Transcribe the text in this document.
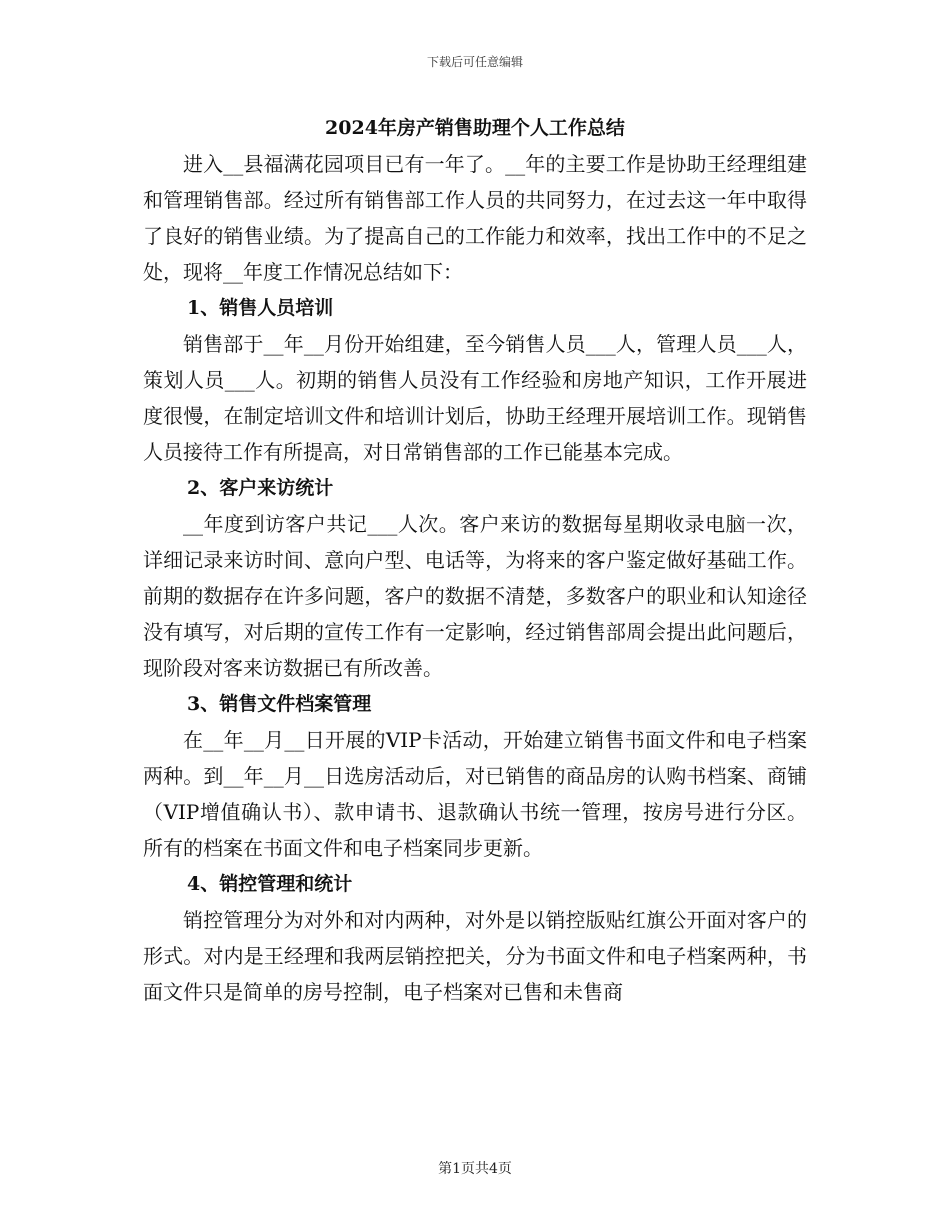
下载后可任意编辑
2024年房产销售助理个人工作总结

进入__县福满花园项目已有一年了。__年的主要工作是协助王经理组建和管理销售部。经过所有销售部工作人员的共同努力，在过去这一年中取得了良好的销售业绩。为了提高自己的工作能力和效率，找出工作中的不足之处，现将__年度工作情况总结如下：

1、销售人员培训

销售部于__年__月份开始组建，至今销售人员___人，管理人员___人，策划人员___人。初期的销售人员没有工作经验和房地产知识，工作开展进度很慢，在制定培训文件和培训计划后，协助王经理开展培训工作。现销售人员接待工作有所提高，对日常销售部的工作已能基本完成。

2、客户来访统计

__年度到访客户共记___人次。客户来访的数据每星期收录电脑一次，详细记录来访时间、意向户型、电话等，为将来的客户鉴定做好基础工作。前期的数据存在许多问题，客户的数据不清楚，多数客户的职业和认知途径没有填写，对后期的宣传工作有一定影响，经过销售部周会提出此问题后，现阶段对客来访数据已有所改善。

3、销售文件档案管理

在__年__月__日开展的VIP卡活动，开始建立销售书面文件和电子档案两种。到__年__月__日选房活动后，对已销售的商品房的认购书档案、商铺（VIP增值确认书）、款申请书、退款确认书统一管理，按房号进行分区。所有的档案在书面文件和电子档案同步更新。

4、销控管理和统计

销控管理分为对外和对内两种，对外是以销控版贴红旗公开面对客户的形式。对内是王经理和我两层销控把关，分为书面文件和电子档案两种，书面文件只是简单的房号控制，电子档案对已售和未售商

第1页共4页
